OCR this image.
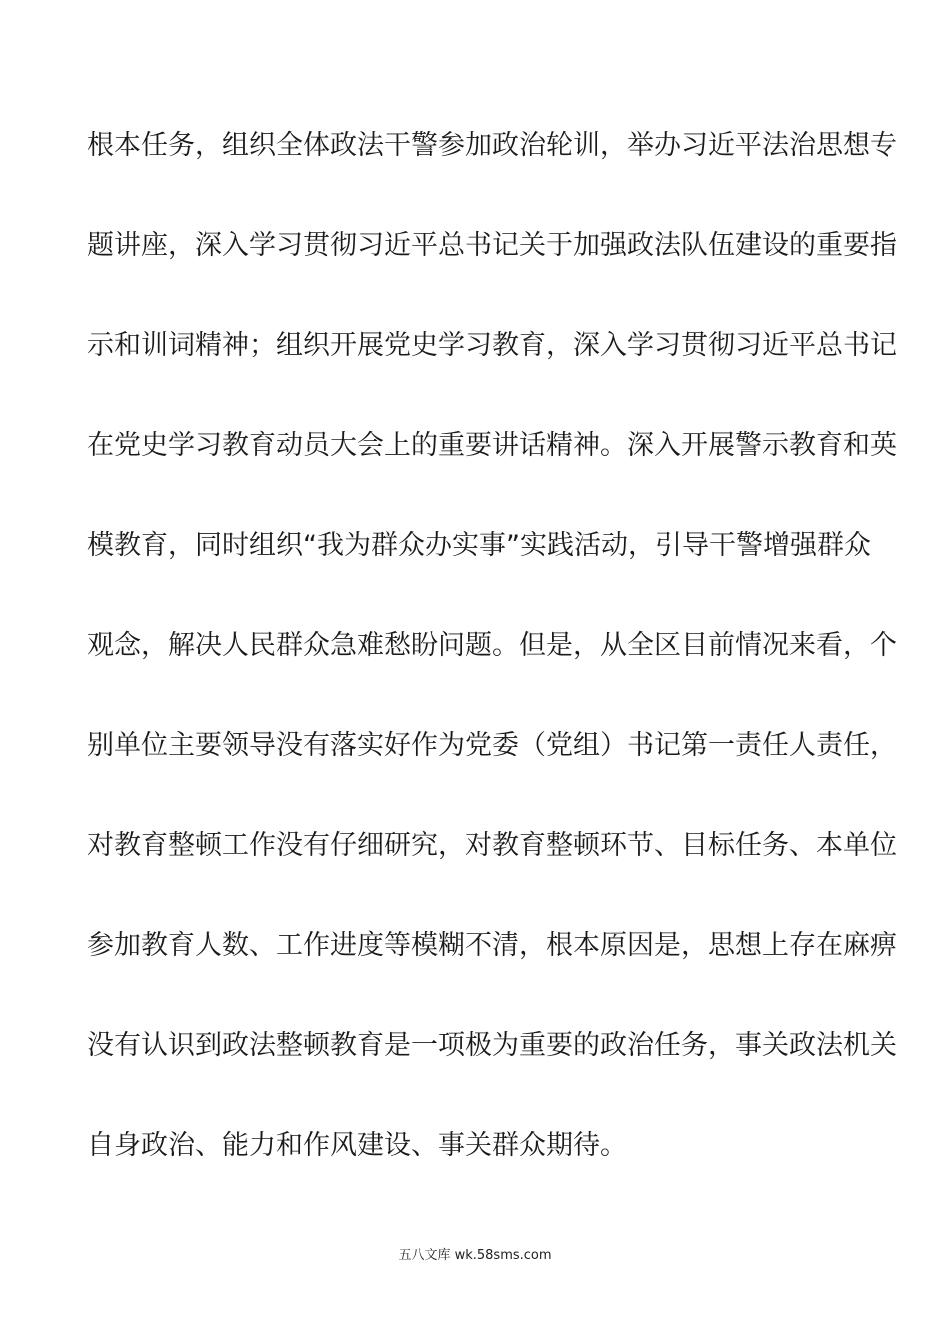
根本任务，组织全体政法干警参加政治轮训，举办习近平法治思想专
题讲座，深入学习贯彻习近平总书记关于加强政法队伍建设的重要指
示和训词精神；组织开展党史学习教育，深入学习贯彻习近平总书记
在党史学习教育动员大会上的重要讲话精神。深入开展警示教育和英
模教育，同时组织“我为群众办实事”实践活动，引导干警增强群众
观念，解决人民群众急难愁盼问题。但是，从全区目前情况来看，个
别单位主要领导没有落实好作为党委（党组）书记第一责任人责任，
对教育整顿工作没有仔细研究，对教育整顿环节、目标任务、本单位
参加教育人数、工作进度等模糊不清，根本原因是，思想上存在麻痹
没有认识到政法整顿教育是一项极为重要的政治任务，事关政法机关
自身政治、能力和作风建设、事关群众期待。
五八文库 wk.58sms.com
